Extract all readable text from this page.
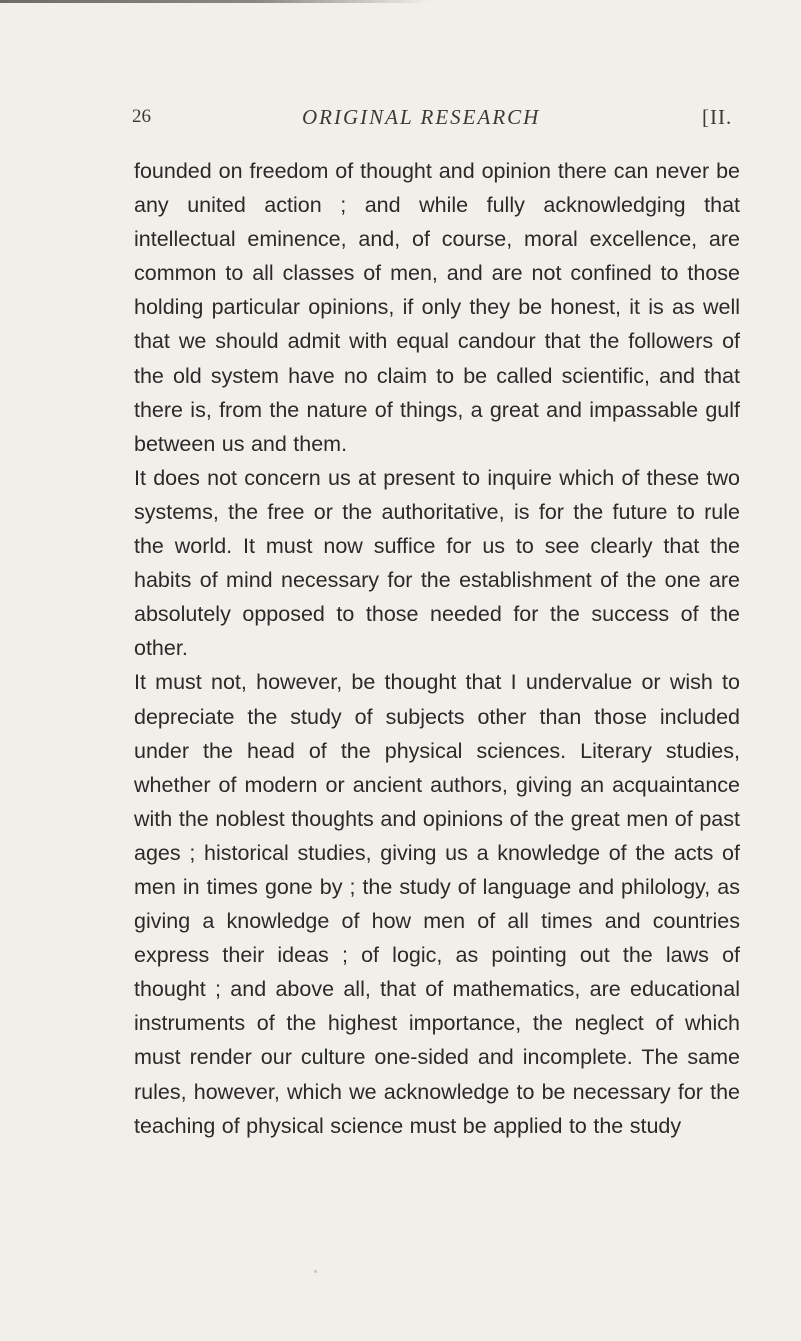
26	ORIGINAL RESEARCH	[II.

founded on freedom of thought and opinion there can never be any united action ; and while fully acknowledging that intellectual eminence, and, of course, moral excellence, are common to all classes of men, and are not confined to those holding particular opinions, if only they be honest, it is as well that we should admit with equal candour that the followers of the old system have no claim to be called scientific, and that there is, from the nature of things, a great and impassable gulf between us and them.

It does not concern us at present to inquire which of these two systems, the free or the authoritative, is for the future to rule the world. It must now suffice for us to see clearly that the habits of mind necessary for the establishment of the one are absolutely opposed to those needed for the success of the other.

It must not, however, be thought that I undervalue or wish to depreciate the study of subjects other than those included under the head of the physical sciences. Literary studies, whether of modern or ancient authors, giving an acquaintance with the noblest thoughts and opinions of the great men of past ages ; historical studies, giving us a knowledge of the acts of men in times gone by ; the study of language and philology, as giving a knowledge of how men of all times and countries express their ideas ; of logic, as pointing out the laws of thought ; and above all, that of mathematics, are educational instruments of the highest importance, the neglect of which must render our culture one-sided and incomplete. The same rules, however, which we acknowledge to be necessary for the teaching of physical science must be applied to the study
